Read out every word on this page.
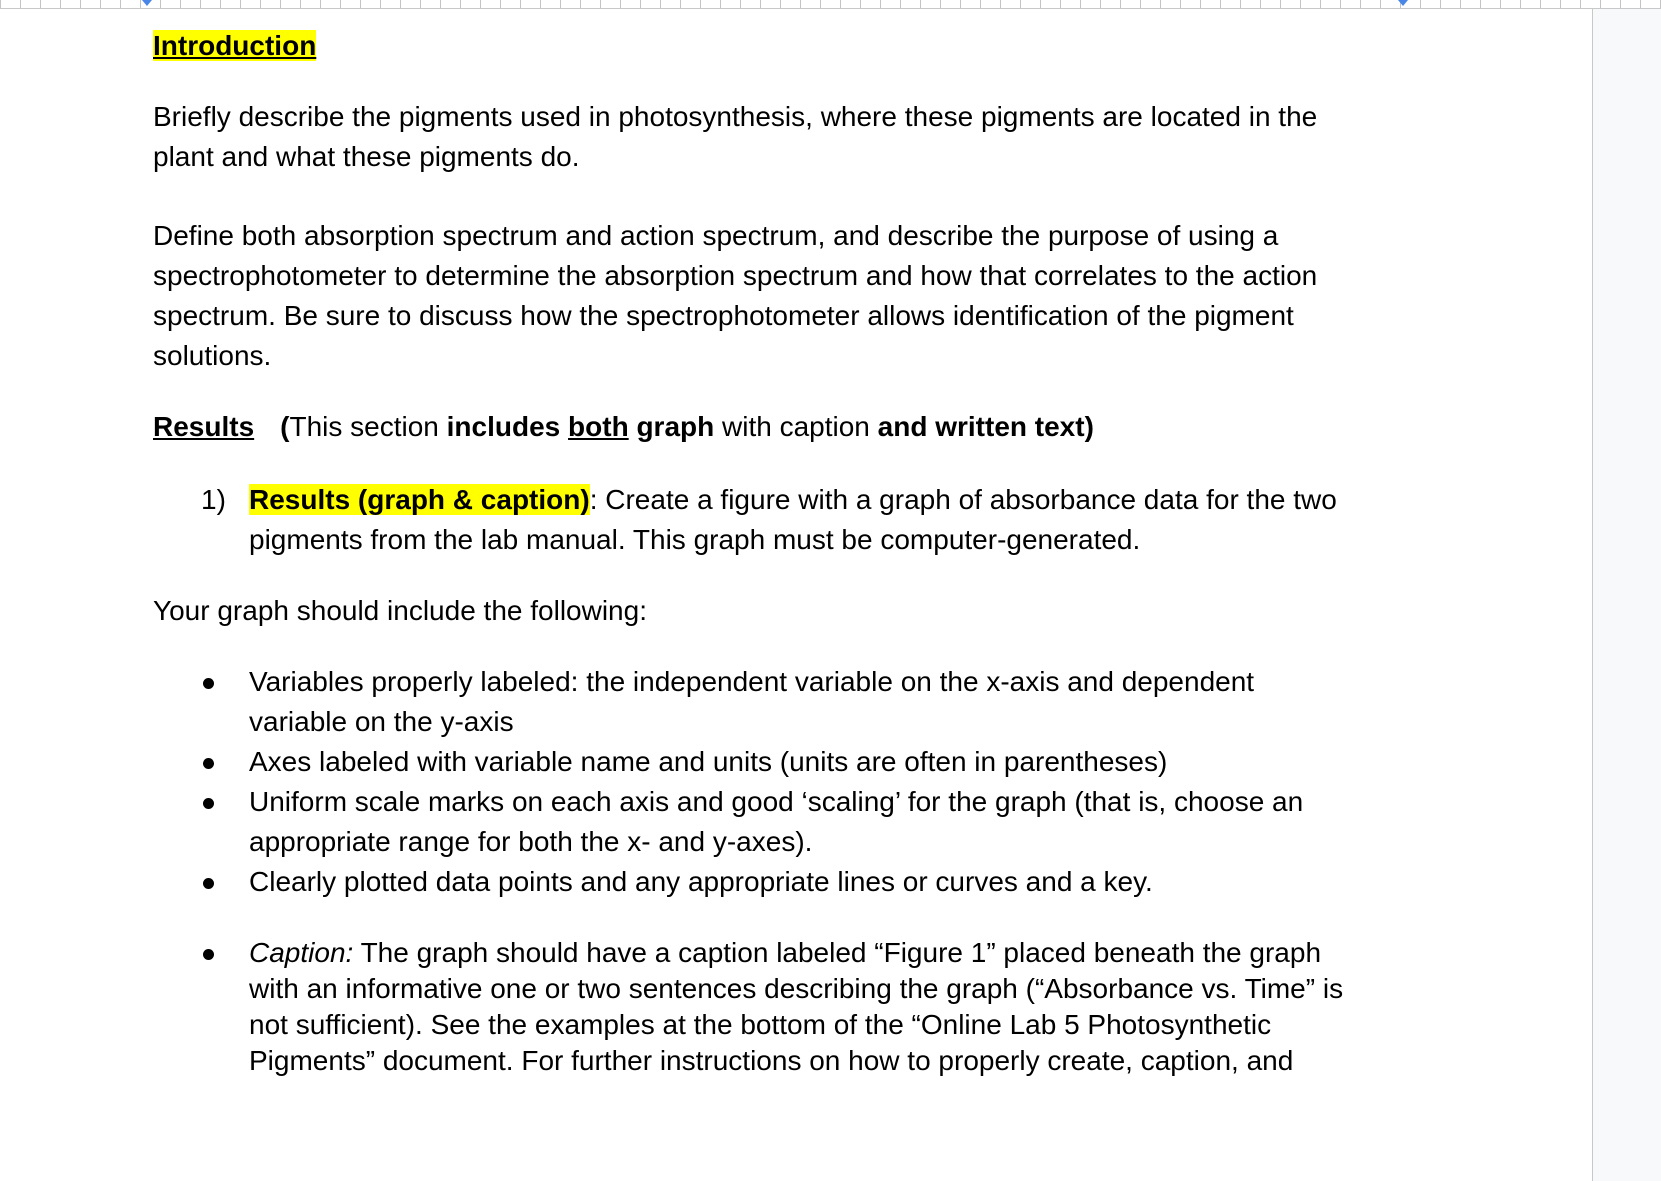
Introduction

Briefly describe the pigments used in photosynthesis, where these pigments are located in the

plant and what these pigments do.

Define both absorption spectrum and action spectrum, and describe the purpose of using a

spectrophotometer to determine the absorption spectrum and how that correlates to the action

spectrum. Be sure to discuss how the spectrophotometer allows identification of the pigment

solutions.

Results (This section includes both graph with caption and written text)

1) Results (graph & caption): Create a figure with a graph of absorbance data for the two
pigments from the lab manual. This graph must be computer-generated.

Your graph should include the following:

Variables properly labeled: the independent variable on the x-axis and dependent
variable on the y-axis
Axes labeled with variable name and units (units are often in parentheses)
Uniform scale marks on each axis and good ‘scaling’ for the graph (that is, choose an
appropriate range for both the x- and y-axes).
Clearly plotted data points and any appropriate lines or curves and a key.
Caption: The graph should have a caption labeled “Figure 1” placed beneath the graph
with an informative one or two sentences describing the graph (“Absorbance vs. Time” is
not sufficient). See the examples at the bottom of the “Online Lab 5 Photosynthetic
Pigments” document. For further instructions on how to properly create, caption, and
